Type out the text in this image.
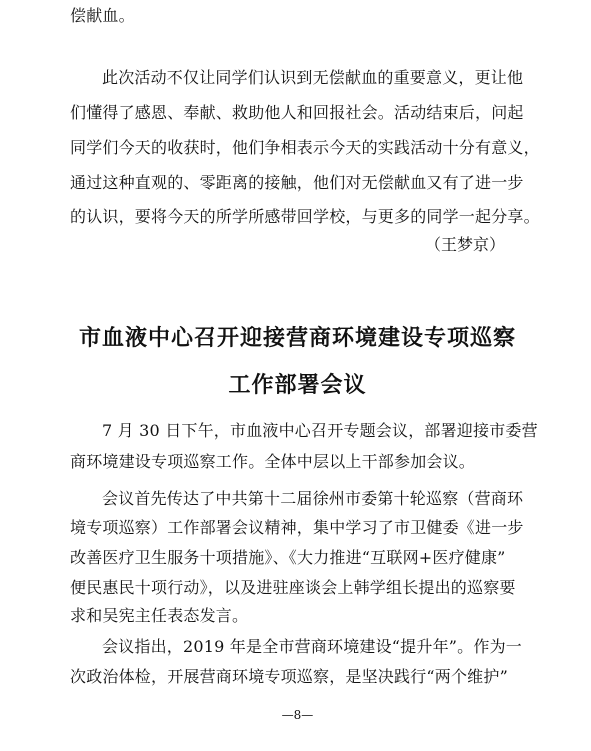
偿献血。
此次活动不仅让同学们认识到无偿献血的重要意义，更让他
们懂得了感恩、奉献、救助他人和回报社会。活动结束后，问起
同学们今天的收获时，他们争相表示今天的实践活动十分有意义，
通过这种直观的、零距离的接触，他们对无偿献血又有了进一步
的认识，要将今天的所学所感带回学校，与更多的同学一起分享。
（王梦京）
市血液中心召开迎接营商环境建设专项巡察
工作部署会议
7 月 30 日下午，市血液中心召开专题会议，部署迎接市委营
商环境建设专项巡察工作。全体中层以上干部参加会议。
会议首先传达了中共第十二届徐州市委第十轮巡察（营商环
境专项巡察）工作部署会议精神，集中学习了市卫健委《进一步
改善医疗卫生服务十项措施》、《大力推进“互联网+医疗健康”
便民惠民十项行动》，以及进驻座谈会上韩学组长提出的巡察要
求和吴宪主任表态发言。
会议指出，2019 年是全市营商环境建设“提升年”。作为一
次政治体检，开展营商环境专项巡察，是坚决践行“两个维护”
—8—
